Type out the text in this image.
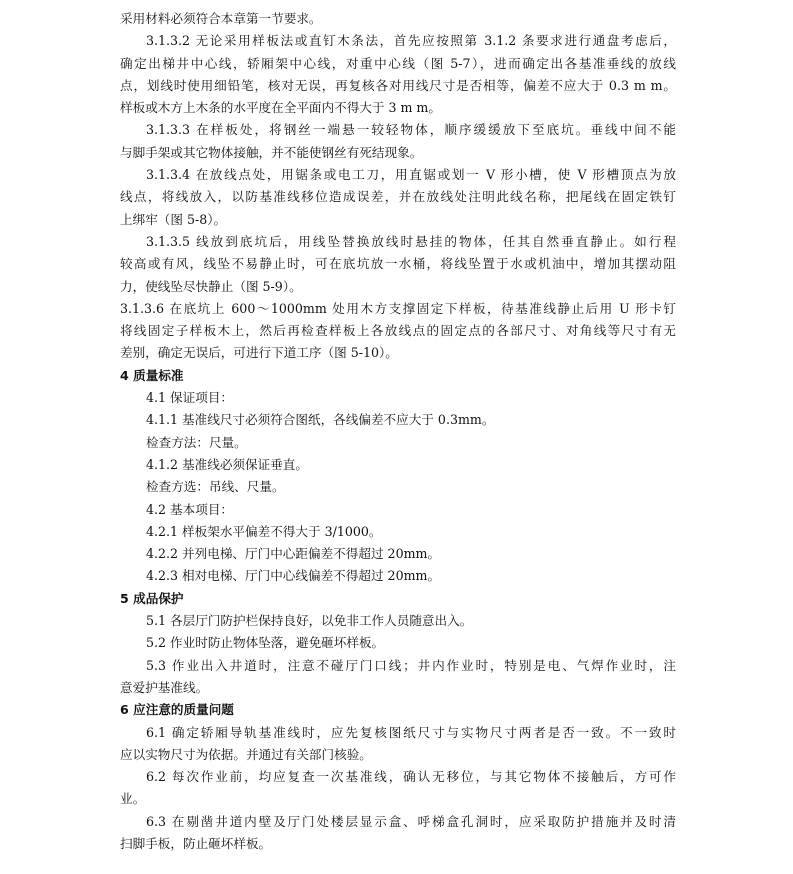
采用材料必须符合本章第一节要求。

3.1.3.2 无论采用样板法或直钉木条法，首先应按照第 3.1.2 条要求进行通盘考虑后，

确定出梯井中心线，轿厢架中心线，对重中心线（图 5-7），进而确定出各基准垂线的放线

点，划线时使用细铅笔，核对无误，再复核各对用线尺寸是否相等，偏差不应大于 0.3 m m。

样板或木方上木条的水平度在全平面内不得大于 3 m m。

3.1.3.3 在样板处，将钢丝一端悬一较轻物体，顺序缓缓放下至底坑。垂线中间不能

与脚手架或其它物体接触，并不能使钢丝有死结现象。

3.1.3.4 在放线点处，用锯条或电工刀，用直锯或划一 V 形小槽，使 V 形槽顶点为放

线点，将线放入，以防基准线移位造成误差，并在放线处注明此线名称，把尾线在固定铁钉

上绑牢（图 5-8）。

3.1.3.5 线放到底坑后，用线坠替换放线时悬挂的物体，任其自然垂直静止。如行程

较高或有风，线坠不易静止时，可在底坑放一水桶，将线坠置于水或机油中，增加其摆动阻

力，使线坠尽快静止（图 5-9）。

3.1.3.6 在底坑上 600～1000mm 处用木方支撑固定下样板，待基准线静止后用 U 形卡钉

将线固定子样板木上，然后再检查样板上各放线点的固定点的各部尺寸、对角线等尺寸有无

差别，确定无误后，可进行下道工序（图 5-10）。

4 质量标准

4.1 保证项目：

4.1.1 基准线尺寸必须符合图纸，各线偏差不应大于 0.3mm。

检查方法：尺量。

4.1.2 基准线必须保证垂直。

检查方选：吊线、尺量。

4.2 基本项目：

4.2.1 样板架水平偏差不得大于 3/1000。

4.2.2 并列电梯、厅门中心距偏差不得超过 20mm。

4.2.3 相对电梯、厅门中心线偏差不得超过 20mm。

5 成品保护

5.1 各层厅门防护栏保持良好，以免非工作人员随意出入。

5.2 作业时防止物体坠落，避免砸坏样板。

5.3 作业出入井道时，注意不碰厅门口线；井内作业时，特别是电、气焊作业时，注

意爱护基准线。

6 应注意的质量问题

6.1 确定轿厢导轨基准线时，应先复核图纸尺寸与实物尺寸两者是否一致。不一致时

应以实物尺寸为依据。并通过有关部门核验。

6.2 每次作业前，均应复查一次基准线，确认无移位，与其它物体不接触后，方可作

业。

6.3 在剔凿井道内壁及厅门处楼层显示盒、呼梯盒孔洞时，应采取防护措施并及时清

扫脚手板，防止砸坏样板。
